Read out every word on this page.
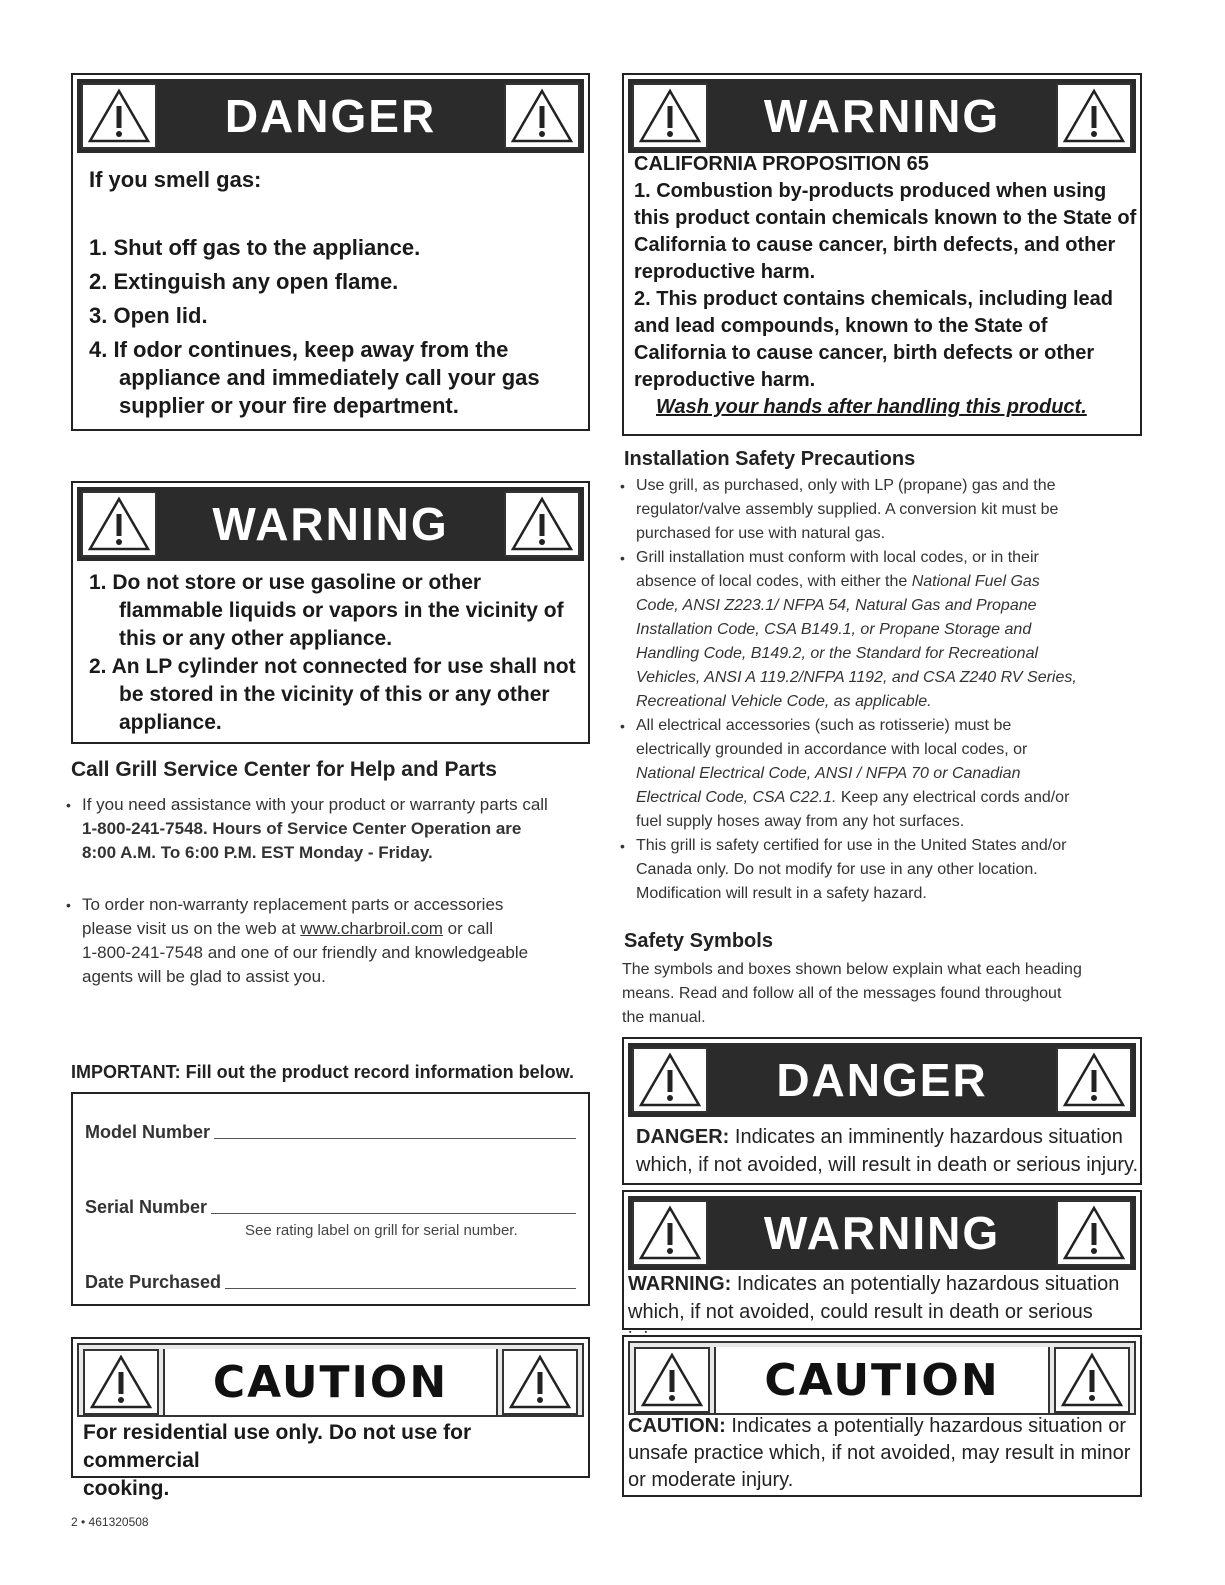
DANGER
If you smell gas:
1. Shut off gas to the appliance.
2. Extinguish any open flame.
3. Open lid.
4. If odor continues, keep away from the
appliance and immediately call your gas
supplier or your fire department.
WARNING
1. Do not store or use gasoline or other
flammable liquids or vapors in the vicinity of
this or any other appliance.
2. An LP cylinder not connected for use shall not
be stored in the vicinity of this or any other
appliance.
Call Grill Service Center for Help and Parts
• If you need assistance with your product or warranty parts call
1-800-241-7548. Hours of Service Center Operation are
8:00 A.M. To 6:00 P.M. EST Monday - Friday.
• To order non-warranty replacement parts or accessories
please visit us on the web at www.charbroil.com or call
1-800-241-7548 and one of our friendly and knowledgeable
agents will be glad to assist you.
IMPORTANT: Fill out the product record information below.
Model Number
Serial Number
See rating label on grill for serial number.
Date Purchased
CAUTION
For residential use only. Do not use for commercial
cooking.
2 • 461320508
WARNING
CALIFORNIA PROPOSITION 65
1. Combustion by-products produced when using
this product contain chemicals known to the State of
California to cause cancer, birth defects, and other
reproductive harm.
2. This product contains chemicals, including lead
and lead compounds, known to the State of
California to cause cancer, birth defects or other
reproductive harm.
Wash your hands after handling this product.
Installation Safety Precautions
• Use grill, as purchased, only with LP (propane) gas and the
regulator/valve assembly supplied. A conversion kit must be
purchased for use with natural gas.
• Grill installation must conform with local codes, or in their
absence of local codes, with either the National Fuel Gas
Code, ANSI Z223.1/ NFPA 54, Natural Gas and Propane
Installation Code, CSA B149.1, or Propane Storage and
Handling Code, B149.2, or the Standard for Recreational
Vehicles, ANSI A 119.2/NFPA 1192, and CSA Z240 RV Series,
Recreational Vehicle Code, as applicable.
• All electrical accessories (such as rotisserie) must be
electrically grounded in accordance with local codes, or
National Electrical Code, ANSI / NFPA 70 or Canadian
Electrical Code, CSA C22.1. Keep any electrical cords and/or
fuel supply hoses away from any hot surfaces.
• This grill is safety certified for use in the United States and/or
Canada only. Do not modify for use in any other location.
Modification will result in a safety hazard.
Safety Symbols
The symbols and boxes shown below explain what each heading
means. Read and follow all of the messages found throughout
the manual.
DANGER
DANGER: Indicates an imminently hazardous situation
which, if not avoided, will result in death or serious injury.
WARNING
WARNING: Indicates an potentially hazardous situation
which, if not avoided, could result in death or serious
CAUTION
CAUTION: Indicates a potentially hazardous situation or
unsafe practice which, if not avoided, may result in minor
or moderate injury.
